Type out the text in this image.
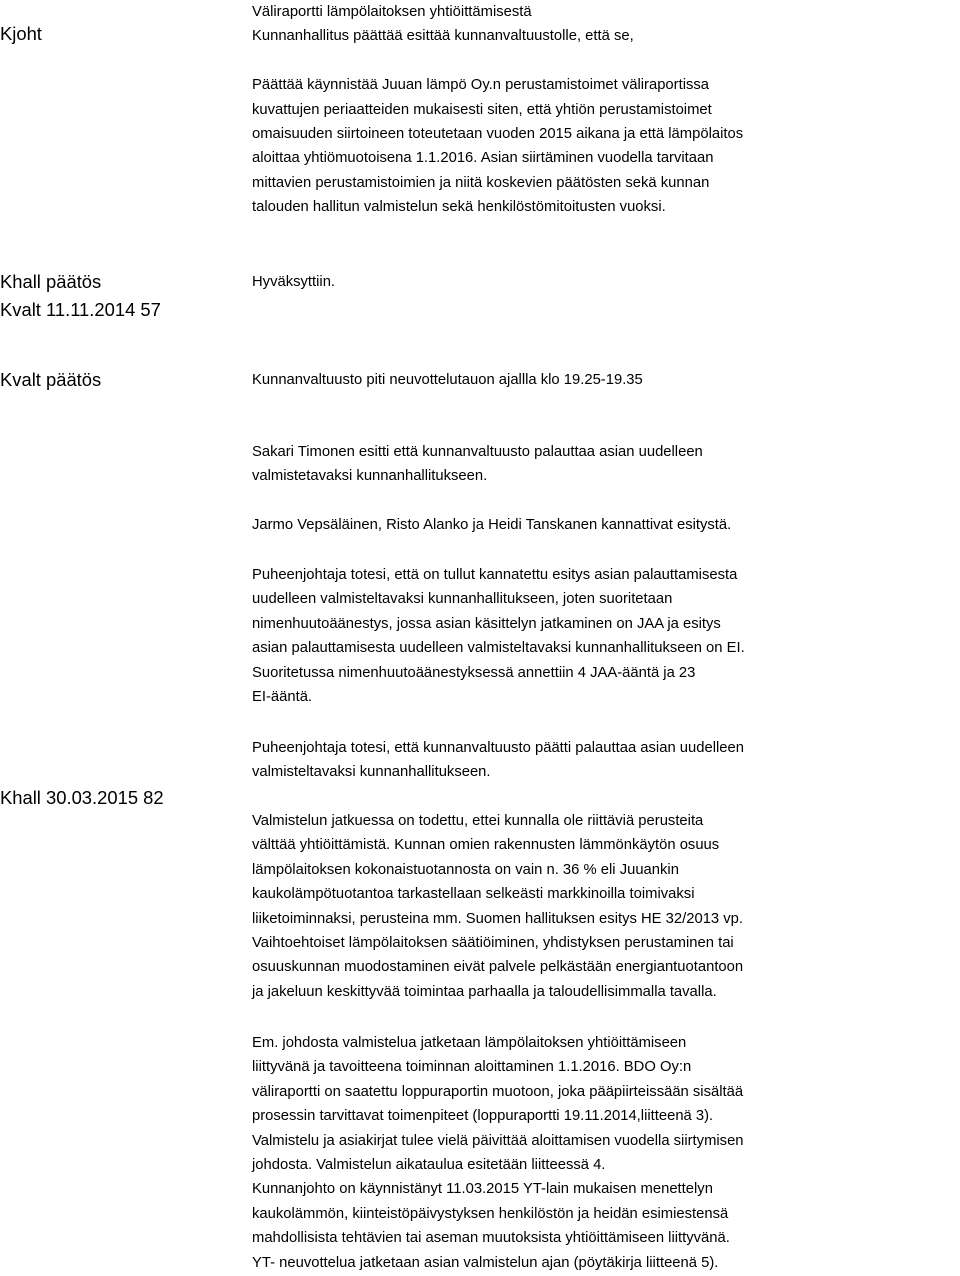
Kjoht
Khall päätös
Kvalt 11.11.2014 57
Kvalt päätös
Khall 30.03.2015 82
Väliraportti lämpölaitoksen yhtiöittämisestä
Kunnanhallitus päättää esittää kunnanvaltuustolle, että se,

Päättää käynnistää Juuan lämpö Oy.n perustamistoimet väliraportissa
kuvattujen periaatteiden mukaisesti siten, että yhtiön perustamistoimet
omaisuuden siirtoineen toteutetaan vuoden 2015 aikana ja että lämpölaitos
aloittaa yhtiömuotoisena 1.1.2016. Asian siirtäminen vuodella tarvitaan
mittavien perustamistoimien ja niitä koskevien päätösten sekä kunnan
talouden hallitun valmistelun sekä henkilöstömitoitusten vuoksi.
Hyväksyttiin.
Kunnanvaltuusto piti neuvottelutauon ajallla klo 19.25-19.35
Sakari Timonen esitti että kunnanvaltuusto palauttaa asian uudelleen
valmistetavaksi kunnanhallitukseen.
Jarmo Vepsäläinen, Risto Alanko ja Heidi Tanskanen kannattivat esitystä.
Puheenjohtaja totesi, että on tullut kannatettu esitys asian palauttamisesta
uudelleen valmisteltavaksi kunnanhallitukseen, joten suoritetaan
nimenhuutoäänestys, jossa asian käsittelyn jatkaminen on JAA ja esitys
asian palauttamisesta uudelleen valmisteltavaksi kunnanhallitukseen on EI.
Suoritetussa nimenhuutoäänestyksessä annettiin 4 JAA-ääntä ja 23
EI-ääntä.
Puheenjohtaja totesi, että kunnanvaltuusto päätti palauttaa asian uudelleen
valmisteltavaksi kunnanhallitukseen.
Valmistelun jatkuessa on todettu, ettei kunnalla ole riittäviä perusteita
välttää yhtiöittämistä. Kunnan omien rakennusten lämmönkäytön osuus
lämpölaitoksen kokonaistuotannosta on vain n. 36 % eli Juuankin
kaukolämpötuotantoa tarkastellaan selkeästi markkinoilla toimivaksi
liiketoiminnaksi, perusteina mm. Suomen hallituksen esitys HE 32/2013 vp.
Vaihtoehtoiset lämpölaitoksen säätiöiminen, yhdistyksen perustaminen tai
osuuskunnan muodostaminen eivät palvele pelkästään energiantuotantoon
ja jakeluun keskittyvää toimintaa parhaalla ja taloudellisimmalla tavalla.
Em. johdosta valmistelua jatketaan lämpölaitoksen yhtiöittämiseen
liittyvänä ja tavoitteena toiminnan aloittaminen 1.1.2016. BDO Oy:n
väliraportti on saatettu loppuraportin muotoon, joka pääpiirteissään sisältää
prosessin tarvittavat toimenpiteet (loppuraportti 19.11.2014,liitteenä 3).
Valmistelu ja asiakirjat tulee vielä päivittää aloittamisen vuodella siirtymisen
johdosta. Valmistelun aikataulua esitetään liitteessä 4.
Kunnanjohto on käynnistänyt 11.03.2015 YT-lain mukaisen menettelyn
kaukolämmön, kiinteistöpäivystyksen henkilöstön ja heidän esimiestensä
mahdollisista tehtävien tai aseman muutoksista yhtiöittämiseen liittyvänä.
YT- neuvottelua jatketaan asian valmistelun ajan (pöytäkirja liitteenä 5).
